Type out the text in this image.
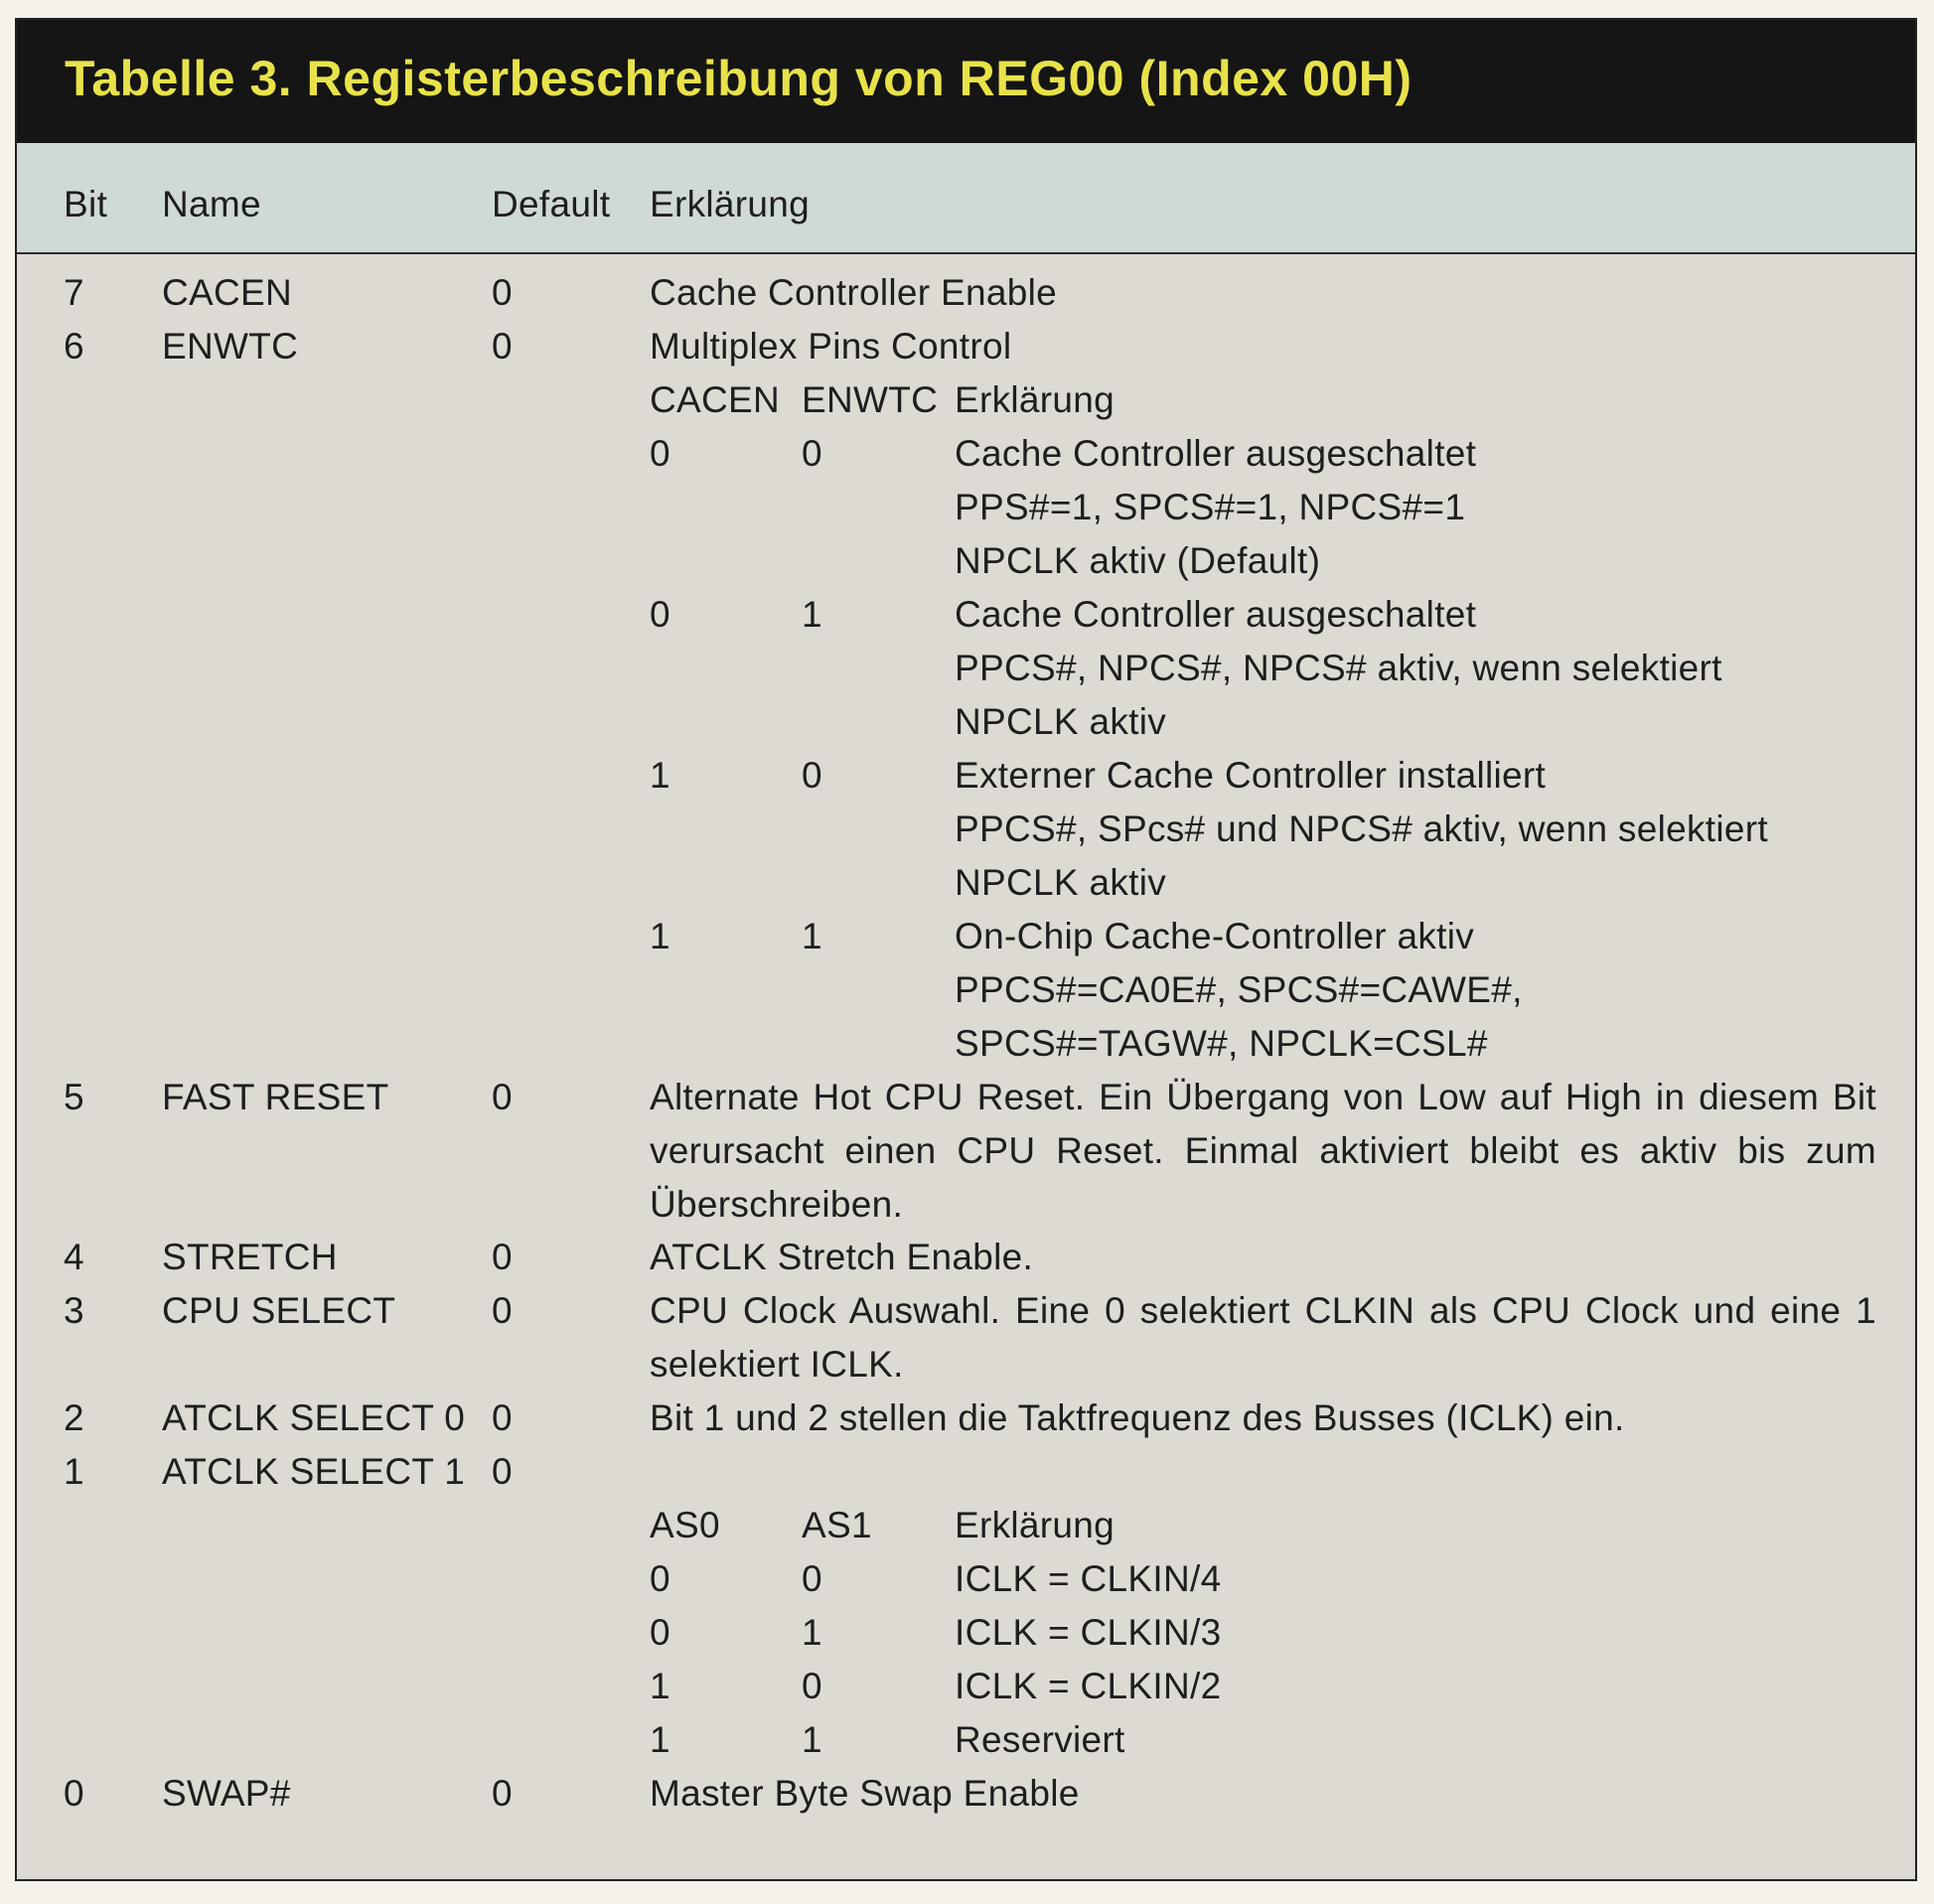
Tabelle 3. Registerbeschreibung von REG00 (Index 00H)
Bit Name	Default Erklärung
7 CACEN	0	Cache Controller Enable
6 ENWTC	0	Multiplex Pins Control
CACEN ENWTC Erklärung
0	0	Cache Controller ausgeschaltet
PPS#=1, SPCS#=1, NPCS#=1
NPCLK aktiv (Default)
0	1	Cache Controller ausgeschaltet
PPCS#, NPCS#, NPCS# aktiv, wenn selektiert
NPCLK aktiv
1	0	Externer Cache Controller installiert
PPCS#, SPcs# und NPCS# aktiv, wenn selektiert
NPCLK aktiv
1	1	On-Chip Cache-Controller aktiv
PPCS#=CA0E#, SPCS#=CAWE#,
SPCS#=TAGW#, NPCLK=CSL#
5 FAST RESET	0	Alternate Hot CPU Reset. Ein Übergang von Low auf High in diesem Bit
verursacht einen CPU Reset. Einmal aktiviert bleibt es aktiv bis zum
Überschreiben.
4 STRETCH	0	ATCLK Stretch Enable.
3 CPU SELECT	0	CPU Clock Auswahl. Eine 0 selektiert CLKIN als CPU Clock und eine 1
selektiert ICLK.
2 ATCLK SELECT 0 0	Bit 1 und 2 stellen die Taktfrequenz des Busses (ICLK) ein.
1 ATCLK SELECT 1 0
AS0 AS1 Erklärung
0	0	ICLK = CLKIN/4
0	1	ICLK = CLKIN/3
1	0	ICLK = CLKIN/2
1	1	Reserviert
0 SWAP#	0	Master Byte Swap Enable
